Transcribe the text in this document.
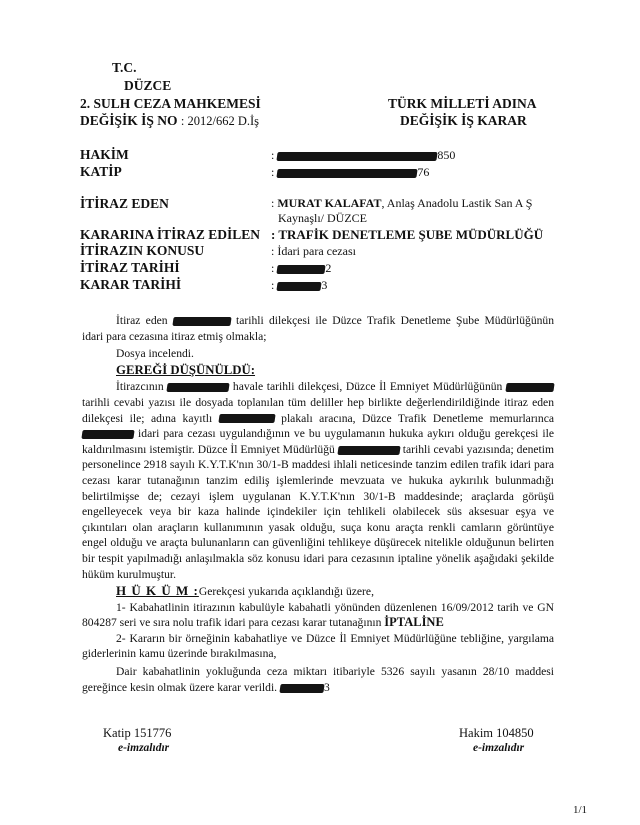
T.C.
DÜZCE
2. SULH CEZA MAHKEMESİ
DEĞİŞİK İŞ NO : 2012/662 D.İş
TÜRK MİLLETİ ADINA
DEĞİŞİK İŞ KARAR
HAKİM	:	850
KATİP	:	76
İTİRAZ EDEN	: MURAT KALAFAT, Anlaş Anadolu Lastik San A Ş
Kaynaşlı/ DÜZCE
KARARINA İTİRAZ EDİLEN : TRAFİK DENETLEME ŞUBE MÜDÜRLÜĞÜ
İTİRAZIN KONUSU	: İdari para cezası
İTİRAZ TARİHİ	:	2
KARAR TARİHİ	:	3

İtiraz eden	tarihli dilekçesi ile Düzce Trafik Denetleme Şube Müdürlüğünün idari para cezasına itiraz etmiş olmakla;

Dosya incelendi.

GEREĞİ DÜŞÜNÜLDÜ:

İtirazcının	havale tarihli dilekçesi, Düzce İl Emniyet Müdürlüğünün  tarihli cevabi yazısı ile dosyada toplanılan tüm deliller hep birlikte değerlendirildiğinde itiraz eden dilekçesi ile; adına kayıtlı	plakalı aracına, Düzce Trafik Denetleme memurlarınca  idari para cezası uygulandığının ve bu uygulamanın hukuka aykırı olduğu gerekçesi ile kaldırılmasını istemiştir. Düzce İl Emniyet Müdürlüğü	tarihli cevabi yazısında; denetim personelince 2918 sayılı K.Y.T.K'nın 30/1-B maddesi ihlali neticesinde tanzim edilen trafik idari para cezası karar tutanağının tanzim ediliş işlemlerinde mevzuata ve hukuka aykırılık bulunmadığı belirtilmişse de; cezayi işlem uygulanan K.Y.T.K'nın 30/1-B maddesinde; araçlarda görüşü engelleyecek veya bir kaza halinde içindekiler için tehlikeli olabilecek süs aksesuar eşya ve çıkıntıları olan araçların kullanımının yasak olduğu, suça konu araçta renkli camların görüntüye engel olduğu ve araçta bulunanların can güvenliğini tehlikeye düşürecek nitelikle olduğunun belirten bir tespit yapılmadığı anlaşılmakla söz konusu idari para cezasının iptaline yönelik aşağıdaki şekilde hüküm kurulmuştur.

H Ü K Ü M :Gerekçesi yukarıda açıklandığı üzere,

1- Kabahatlinin itirazının kabulüyle kabahatli yönünden düzenlenen 16/09/2012 tarih ve GN 804287 seri ve sıra nolu trafik idari para cezası karar tutanağının İPTALİNE

2- Kararın bir örneğinin kabahatliye ve Düzce İl Emniyet Müdürlüğüne tebliğine, yargılama giderlerinin kamu üzerinde bırakılmasına,

Dair kabahatlinin yokluğunda ceza miktarı itibariyle 5326 sayılı yasanın 28/10 maddesi gereğince kesin olmak üzere karar verildi.	3

Katip 151776
e-imzalıdır
Hakim 104850
e-imzalıdır
1/1
